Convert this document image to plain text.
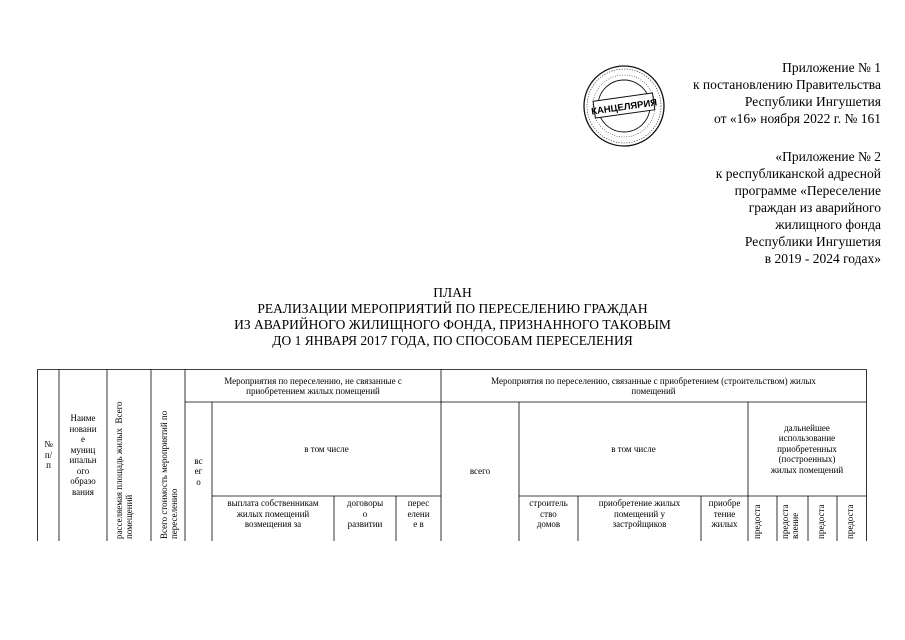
Приложение № 1
к постановлению Правительства
Республики Ингушетия
от «16» ноября 2022 г. № 161
КАНЦЕЛЯРИЯ
«Приложение № 2
к республиканской адресной
программе «Переселение
граждан из аварийного
жилищного фонда
Республики Ингушетия
в 2019 - 2024 годах»
ПЛАН
РЕАЛИЗАЦИИ МЕРОПРИЯТИЙ ПО ПЕРЕСЕЛЕНИЮ ГРАЖДАН
ИЗ АВАРИЙНОГО ЖИЛИЩНОГО ФОНДА, ПРИЗНАННОГО ТАКОВЫМ
ДО 1 ЯНВАРЯ 2017 ГОДА, ПО СПОСОБАМ ПЕРЕСЕЛЕНИЯ
№
п/
п
Наиме
новани
е
муниц
ипальн
ого
образо
вания
расселяемая площадь жилых  Всего
помещений	Всего стоимость мероприятий по
переселению
Мероприятия по переселению, не связанные с
приобретением жилых помещений
вс
ег
о
в том числе
выплата собственникам
жилых помещений
возмещения за
договоры
о
развитии
перес
елени
е в
Мероприятия по переселению, связанные с приобретением (строительством) жилых
помещений
всего
в том числе
строитель
ство
домов
приобретение жилых
помещений у
застройщиков
приобре
тение
жилых
дальнейшее
использование
приобретенных
(построенных)
жилых помещений
предоста предоста
вление предоста предоста
